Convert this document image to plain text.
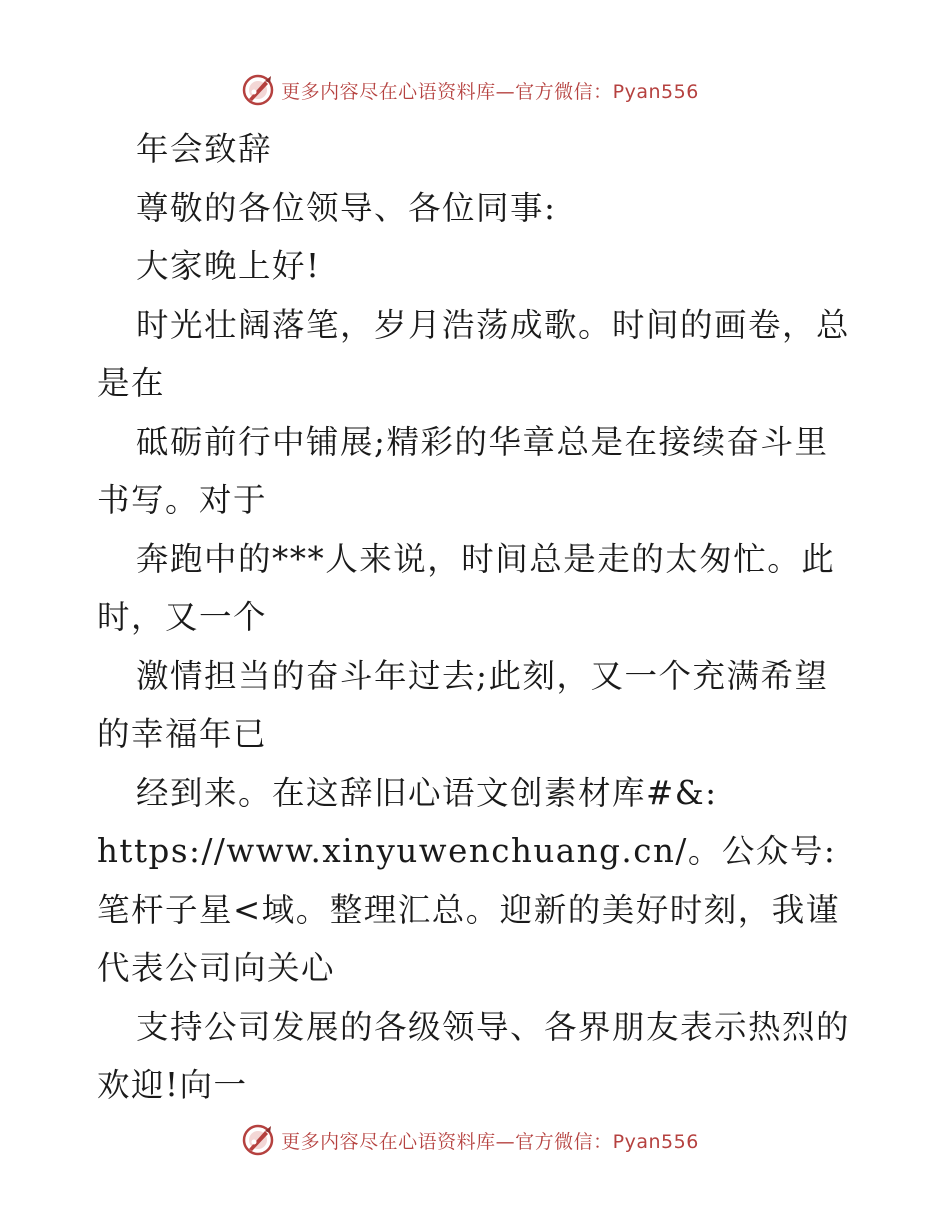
更多内容尽在心语资料库—官方微信：Pyan556

年会致辞

尊敬的各位领导、各位同事:

大家晚上好!

时光壮阔落笔，岁月浩荡成歌。时间的画卷，总是在

砥砺前行中铺展;精彩的华章总是在接续奋斗里书写。对于

奔跑中的***人来说，时间总是走的太匆忙。此时，又一个

激情担当的奋斗年过去;此刻，又一个充满希望的幸福年已

经到来。在这辞旧心语文创素材库#&:

https://www.xinyuwenchuang.cn/。公众号: 笔杆子星<域。整理汇总。迎新的美好时刻，我谨代表公司向关心

支持公司发展的各级领导、各界朋友表示热烈的欢迎!向一

更多内容尽在心语资料库—官方微信：Pyan556
